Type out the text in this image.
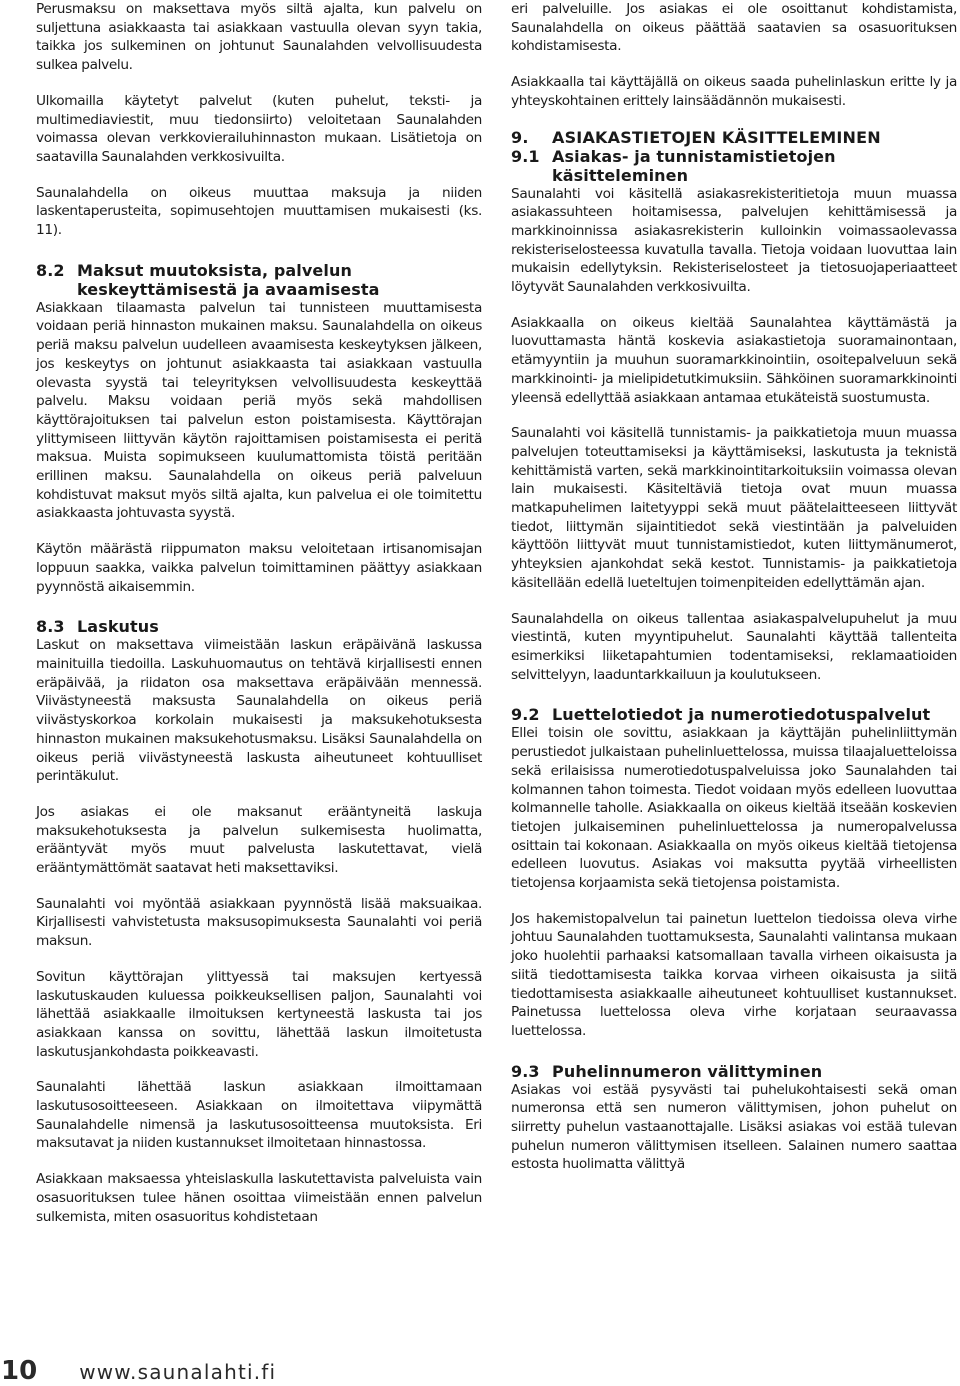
Perusmaksu on maksettava myös siltä ajalta, kun palvelu on suljettuna asiakkaasta tai asiakkaan vastuulla olevan syyn takia, taikka jos sulkeminen on johtunut Saunalahden velvollisuudesta sulkea palvelu.

Ulkomailla käytetyt palvelut (kuten puhelut, teksti- ja multimediaviestit, muu tiedonsiirto) veloitetaan Saunalahden voimassa olevan verkkovierailuhinnaston mukaan. Lisätietoja on saatavilla Saunalahden verkkosivuilta.

Saunalahdella on oikeus muuttaa maksuja ja niiden laskentaperusteita, sopimusehtojen muuttamisen mukaisesti (ks. 11).

8.2 Maksut muutoksista, palvelun keskeyttämisestä ja avaamisesta

Asiakkaan tilaamasta palvelun tai tunnisteen muuttamisesta voidaan periä hinnaston mukainen maksu. Saunalahdella on oikeus periä maksu palvelun uudelleen avaamisesta keskeytyksen jälkeen, jos keskeytys on johtunut asiakkaasta tai asiakkaan vastuulla olevasta syystä tai teleyrityksen velvollisuudesta keskeyttää palvelu. Maksu voidaan periä myös sekä mahdollisen käyttörajoituksen tai palvelun eston poistamisesta. Käyttörajan ylittymiseen liittyvän käytön rajoittamisen poistamisesta ei peritä maksua. Muista sopimukseen kuulumattomista töistä peritään erillinen maksu. Saunalahdella on oikeus periä palveluun kohdistuvat maksut myös siltä ajalta, kun palvelua ei ole toimitettu asiakkaasta johtuvasta syystä.

Käytön määrästä riippumaton maksu veloitetaan irtisanomisajan loppuun saakka, vaikka palvelun toimittaminen päättyy asiakkaan pyynnöstä aikaisemmin.

8.3 Laskutus

Laskut on maksettava viimeistään laskun eräpäivänä laskussa mainituilla tiedoilla. Laskuhuomautus on tehtävä kirjallisesti ennen eräpäivää, ja riidaton osa maksettava eräpäivään mennessä. Viivästyneestä maksusta Saunalahdella on oikeus periä viivästyskorkoa korkolain mukaisesti ja maksukehotuksesta hinnaston mukainen maksukehotusmaksu. Lisäksi Saunalahdella on oikeus periä viivästyneestä laskusta aiheutuneet kohtuulliset perintäkulut.

Jos asiakas ei ole maksanut erääntyneitä laskuja maksukehotuksesta ja palvelun sulkemisesta huolimatta, erääntyvät myös muut palvelusta laskutettavat, vielä erääntymättömät saatavat heti maksettaviksi.

Saunalahti voi myöntää asiakkaan pyynnöstä lisää maksuaikaa. Kirjallisesti vahvistetusta maksusopimuksesta Saunalahti voi periä maksun.

Sovitun käyttörajan ylittyessä tai maksujen kertyessä laskutuskauden kuluessa poikkeuksellisen paljon, Saunalahti voi lähettää asiakkaalle ilmoituksen kertyneestä laskusta tai jos asiakkaan kanssa on sovittu, lähettää laskun ilmoitetusta laskutusjankohdasta poikkeavasti.

Saunalahti lähettää laskun asiakkaan ilmoittamaan laskutusosoitteeseen. Asiakkaan on ilmoitettava viipymättä Saunalahdelle nimensä ja laskutusosoitteensa muutoksista. Eri maksutavat ja niiden kustannukset ilmoitetaan hinnastossa.

Asiakkaan maksaessa yhteislaskulla laskutettavista palveluista vain osasuorituksen tulee hänen osoittaa viimeistään ennen palvelun sulkemista, miten osasuoritus kohdistetaan

eri palveluille. Jos asiakas ei ole osoittanut kohdistamista, Saunalahdella on oikeus päättää saatavien sa osasuorituksen kohdistamisesta.

Asiakkaalla tai käyttäjällä on oikeus saada puhelinlaskun eritte ly ja yhteyskohtainen erittely lainsäädännön mukaisesti.

9.	ASIAKASTIETOJEN KÄSITTELEMINEN
9.1 Asiakas- ja tunnistamistietojen käsitteleminen

Saunalahti voi käsitellä asiakasrekisteritietoja muun muassa asiakassuhteen hoitamisessa, palvelujen kehittämisessä ja markkinoinnissa asiakasrekisterin kulloinkin voimassaolevassa rekisteriselosteessa kuvatulla tavalla. Tietoja voidaan luovuttaa lain mukaisin edellytyksin. Rekisteriselosteet ja tietosuojaperiaatteet löytyvät Saunalahden verkkosivuilta.

Asiakkaalla on oikeus kieltää Saunalahtea käyttämästä ja luovuttamasta häntä koskevia asiakastietoja suoramainontaan, etämyyntiin ja muuhun suoramarkkinointiin, osoitepalveluun sekä markkinointi- ja mielipidetutkimuksiin. Sähköinen suoramarkkinointi yleensä edellyttää asiakkaan antamaa etukäteistä suostumusta.

Saunalahti voi käsitellä tunnistamis- ja paikkatietoja muun muassa palvelujen toteuttamiseksi ja käyttämiseksi, laskutusta ja teknistä kehittämistä varten, sekä markkinointitarkoituksiin voimassa olevan lain mukaisesti. Käsiteltäviä tietoja ovat muun muassa matkapuhelimen laitetyyppi sekä muut päätelaitteeseen liittyvät tiedot, liittymän sijaintitiedot sekä viestintään ja palveluiden käyttöön liittyvät muut tunnistamistiedot, kuten liittymänumerot, yhteyksien ajankohdat sekä kestot. Tunnistamis- ja paikkatietoja käsitellään edellä lueteltujen toimenpiteiden edellyttämän ajan.

Saunalahdella on oikeus tallentaa asiakaspalvelupuhelut ja muu viestintä, kuten myyntipuhelut. Saunalahti käyttää tallenteita esimerkiksi liiketapahtumien todentamiseksi, reklamaatioiden selvittelyyn, laaduntarkkailuun ja koulutukseen.

9.2 Luettelotiedot ja numerotiedotuspalvelut

Ellei toisin ole sovittu, asiakkaan ja käyttäjän puhelinliittymän perustiedot julkaistaan puhelinluettelossa, muissa tilaajaluetteloissa sekä erilaisissa numerotiedotuspalveluissa joko Saunalahden tai kolmannen tahon toimesta. Tiedot voidaan myös edelleen luovuttaa kolmannelle taholle. Asiakkaalla on oikeus kieltää itseään koskevien tietojen julkaiseminen puhelinluettelossa ja numeropalvelussa osittain tai kokonaan. Asiakkaalla on myös oikeus kieltää tietojensa edelleen luovutus. Asiakas voi maksutta pyytää virheellisten tietojensa korjaamista sekä tietojensa poistamista.

Jos hakemistopalvelun tai painetun luettelon tiedoissa oleva virhe johtuu Saunalahden tuottamuksesta, Saunalahti valintansa mukaan joko huolehtii parhaaksi katsomallaan tavalla virheen oikaisusta ja siitä tiedottamisesta taikka korvaa virheen oikaisusta ja siitä tiedottamisesta asiakkaalle aiheutuneet kohtuulliset kustannukset. Painetussa luettelossa oleva virhe korjataan seuraavassa luettelossa.

9.3 Puhelinnumeron välittyminen

Asiakas voi estää pysyvästi tai puhelukohtaisesti sekä oman numeronsa että sen numeron välittymisen, johon puhelut on siirretty puhelun vastaanottajalle. Lisäksi asiakas voi estää tulevan puhelun numeron välittymisen itselleen. Salainen numero saattaa estosta huolimatta välittyä

10 www.saunalahti.fi
